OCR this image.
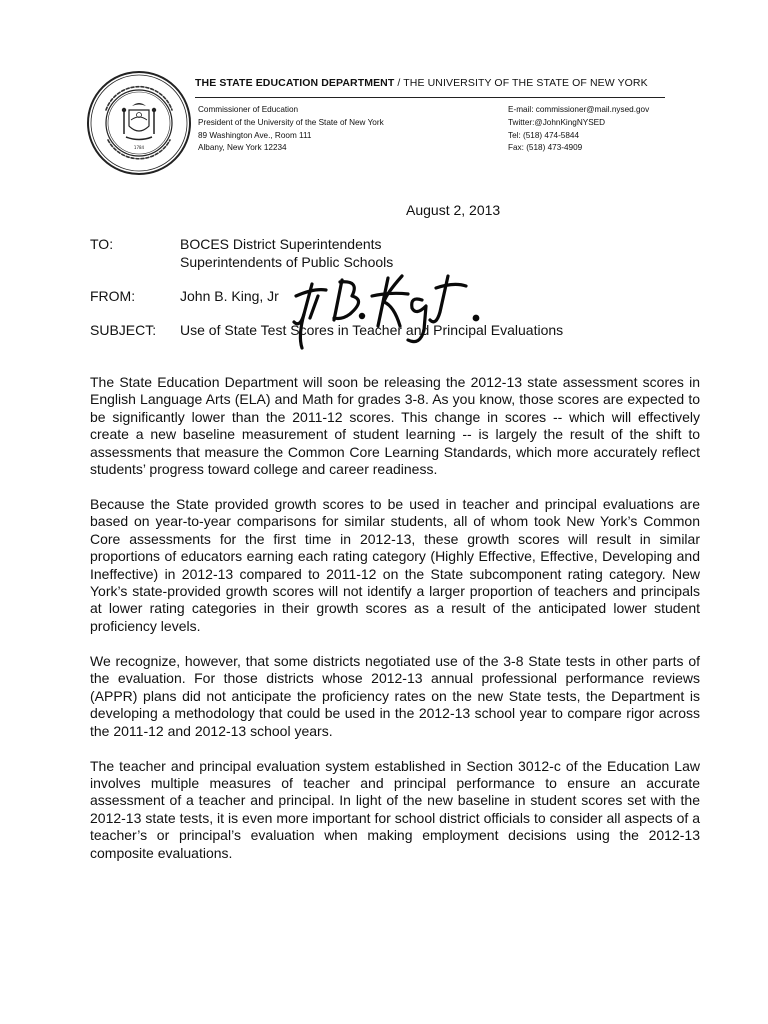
1784
THE STATE EDUCATION DEPARTMENT / THE UNIVERSITY OF THE STATE OF NEW YORK
Commissioner of Education
President of the University of the State of New York
89 Washington Ave., Room 111
Albany, New York 12234
E-mail: commissioner@mail.nysed.gov
Twitter:@JohnKingNYSED
Tel: (518) 474-5844
Fax: (518) 473-4909
August 2, 2013
TO:	BOCES District Superintendents
Superintendents of Public Schools
FROM:	John B. King, Jr
SUBJECT: Use of State Test Scores in Teacher and Principal Evaluations

The State Education Department will soon be releasing the 2012-13 state assessment scores in English Language Arts (ELA) and Math for grades 3-8. As you know, those scores are expected to be significantly lower than the 2011-12 scores. This change in scores -- which will effectively create a new baseline measurement of student learning -- is largely the result of the shift to assessments that measure the Common Core Learning Standards, which more accurately reflect students’ progress toward college and career readiness.

Because the State provided growth scores to be used in teacher and principal evaluations are based on year-to-year comparisons for similar students, all of whom took New York’s Common Core assessments for the first time in 2012-13, these growth scores will result in similar proportions of educators earning each rating category (Highly Effective, Effective, Developing and Ineffective) in 2012-13 compared to 2011-12 on the State subcomponent rating category. New York’s state-provided growth scores will not identify a larger proportion of teachers and principals at lower rating categories in their growth scores as a result of the anticipated lower student proficiency levels.

We recognize, however, that some districts negotiated use of the 3-8 State tests in other parts of the evaluation. For those districts whose 2012-13 annual professional performance reviews (APPR) plans did not anticipate the proficiency rates on the new State tests, the Department is developing a methodology that could be used in the 2012-13 school year to compare rigor across the 2011-12 and 2012-13 school years.

The teacher and principal evaluation system established in Section 3012-c of the Education Law involves multiple measures of teacher and principal performance to ensure an accurate assessment of a teacher and principal. In light of the new baseline in student scores set with the 2012-13 state tests, it is even more important for school district officials to consider all aspects of a teacher’s or principal’s evaluation when making employment decisions using the 2012-13 composite evaluations.
